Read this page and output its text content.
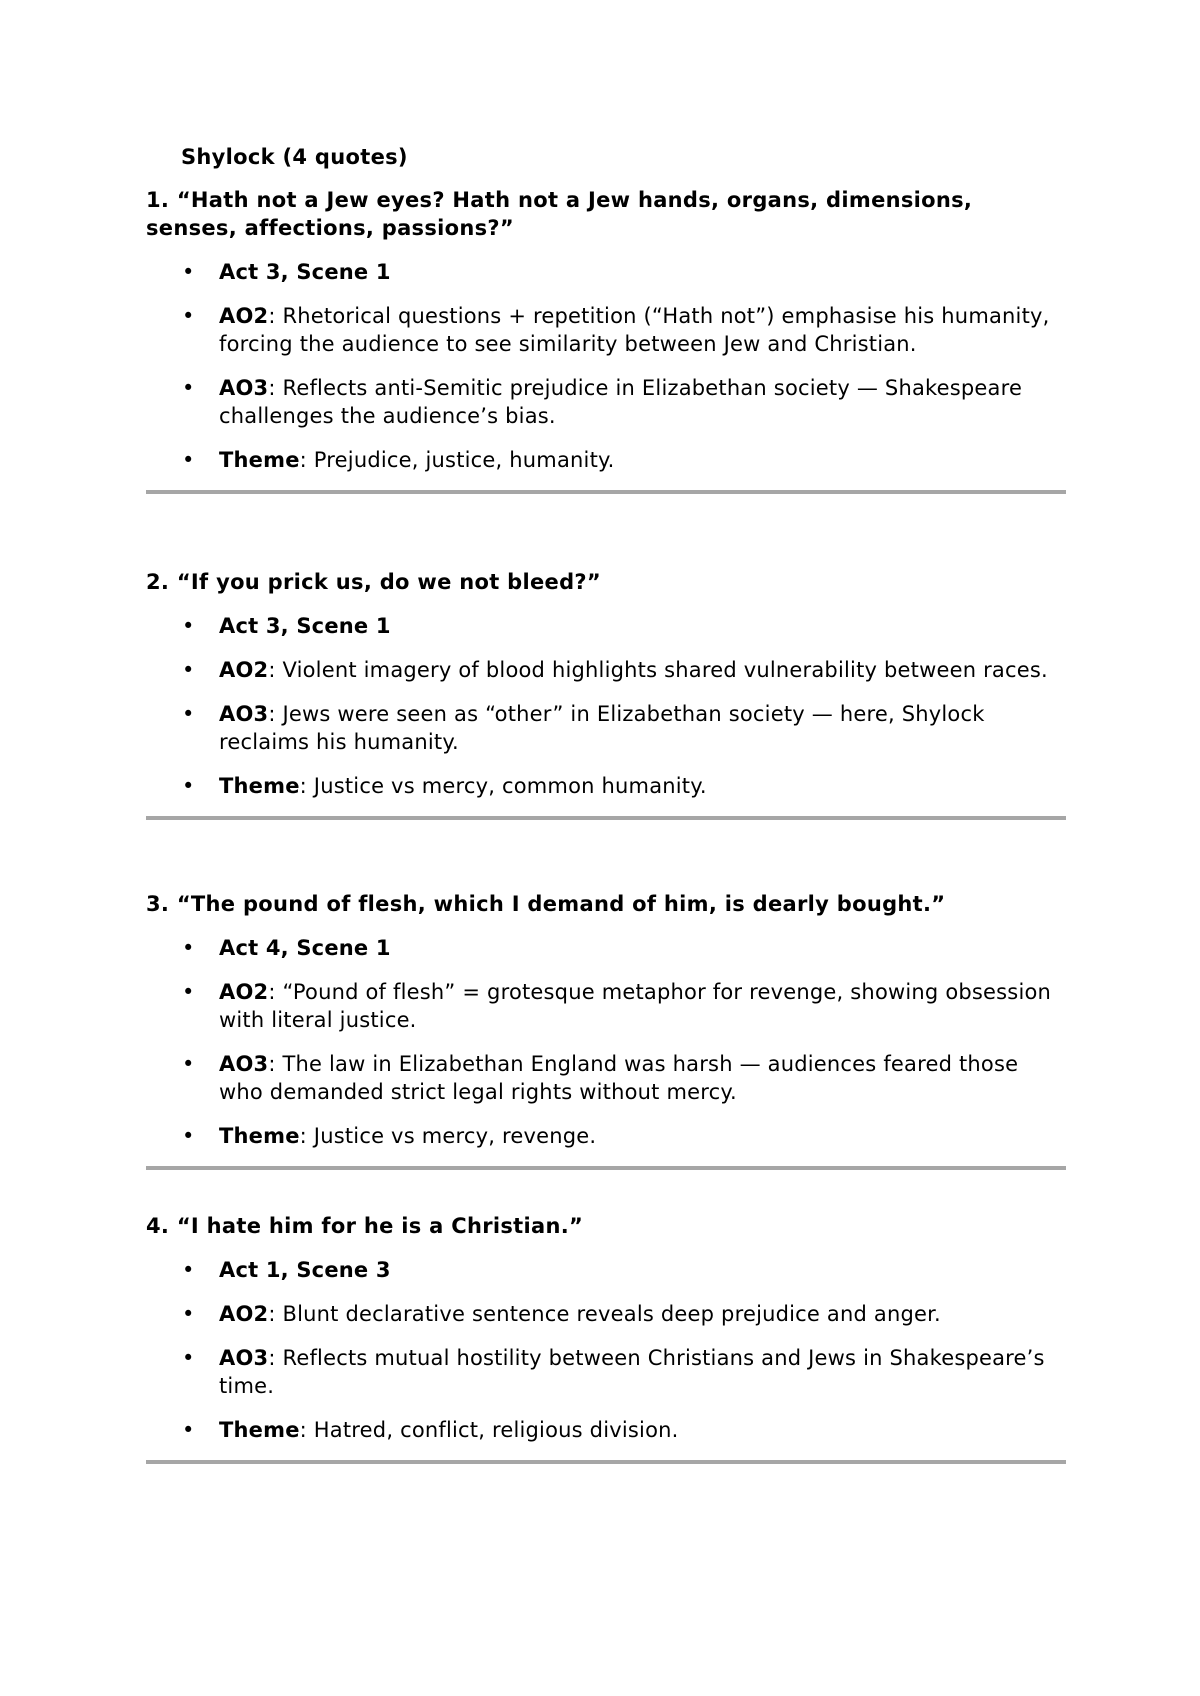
Shylock (4 quotes)

1. “Hath not a Jew eyes? Hath not a Jew hands, organs, dimensions, senses, affections, passions?”

•	Act 3, Scene 1
•	AO2: Rhetorical questions + repetition (“Hath not”) emphasise his humanity, forcing the audience to see similarity between Jew and Christian.
•	AO3: Reflects anti-Semitic prejudice in Elizabethan society — Shakespeare challenges the audience’s bias.
•	Theme: Prejudice, justice, humanity.

2. “If you prick us, do we not bleed?”

•	Act 3, Scene 1
•	AO2: Violent imagery of blood highlights shared vulnerability between races.
•	AO3: Jews were seen as “other” in Elizabethan society — here, Shylock reclaims his humanity.
•	Theme: Justice vs mercy, common humanity.

3. “The pound of flesh, which I demand of him, is dearly bought.”

•	Act 4, Scene 1
•	AO2: “Pound of flesh” = grotesque metaphor for revenge, showing obsession with literal justice.
•	AO3: The law in Elizabethan England was harsh — audiences feared those who demanded strict legal rights without mercy.
•	Theme: Justice vs mercy, revenge.

4. “I hate him for he is a Christian.”

•	Act 1, Scene 3
•	AO2: Blunt declarative sentence reveals deep prejudice and anger.
•	AO3: Reflects mutual hostility between Christians and Jews in Shakespeare’s time.
•	Theme: Hatred, conflict, religious division.
